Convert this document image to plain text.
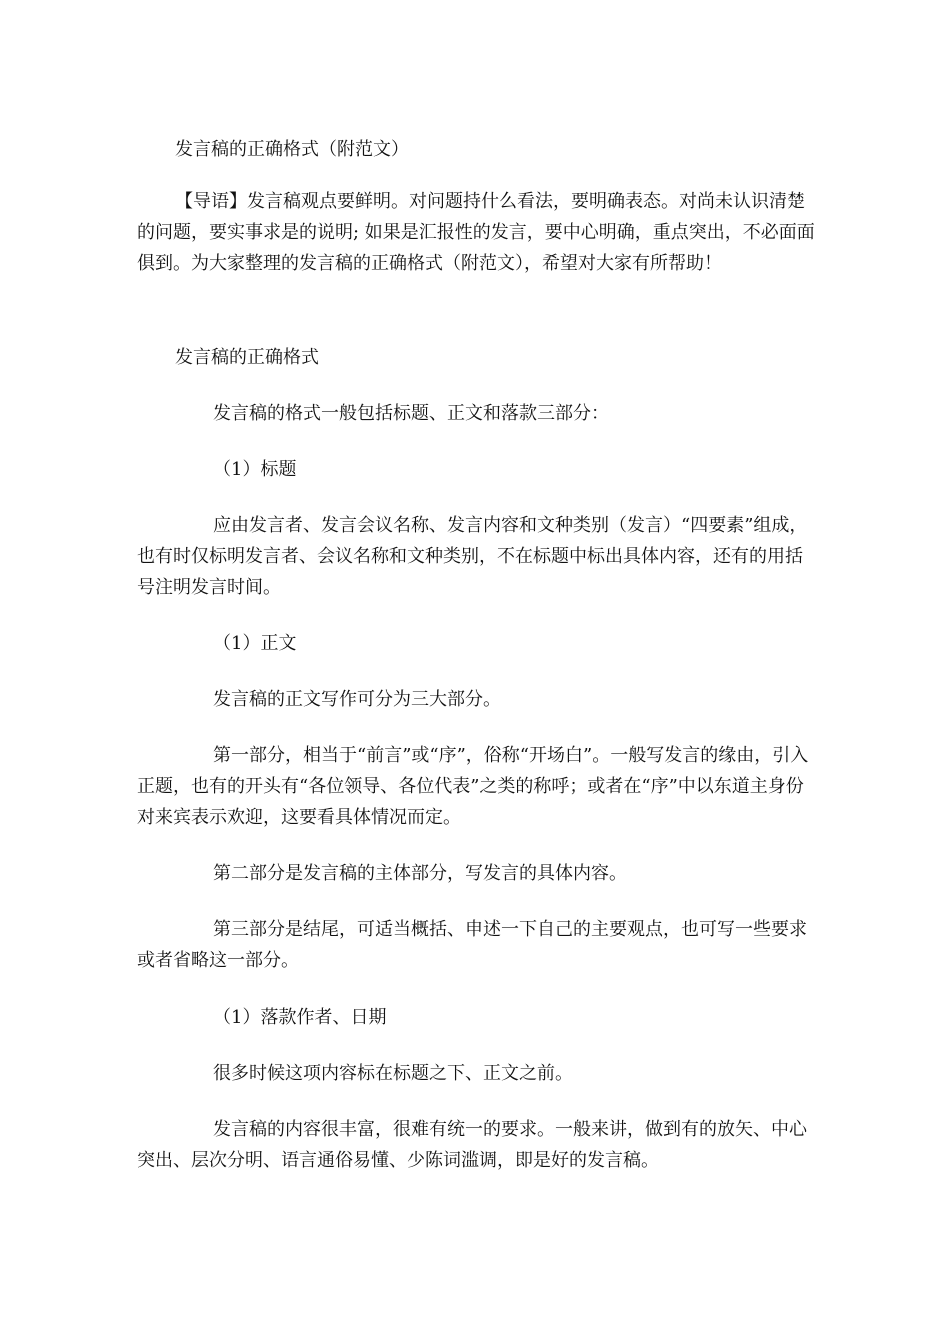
发言稿的正确格式（附范文）

【导语】发言稿观点要鲜明。对问题持什么看法，要明确表态。对尚未认识清楚的问题，要实事求是的说明; 如果是汇报性的发言，要中心明确，重点突出，不必面面俱到。为大家整理的发言稿的正确格式（附范文），希望对大家有所帮助！

发言稿的正确格式

发言稿的格式一般包括标题、正文和落款三部分：

（1）标题

应由发言者、发言会议名称、发言内容和文种类别（发言）“四要素”组成，也有时仅标明发言者、会议名称和文种类别，不在标题中标出具体内容，还有的用括号注明发言时间。

（1）正文

发言稿的正文写作可分为三大部分。

第一部分，相当于“前言”或“序”，俗称“开场白”。一般写发言的缘由，引入正题，也有的开头有“各位领导、各位代表”之类的称呼；或者在“序”中以东道主身份对来宾表示欢迎，这要看具体情况而定。

第二部分是发言稿的主体部分，写发言的具体内容。

第三部分是结尾，可适当概括、申述一下自己的主要观点，也可写一些要求或者省略这一部分。

（1）落款作者、日期

很多时候这项内容标在标题之下、正文之前。

发言稿的内容很丰富，很难有统一的要求。一般来讲，做到有的放矢、中心突出、层次分明、语言通俗易懂、少陈词滥调，即是好的发言稿。
